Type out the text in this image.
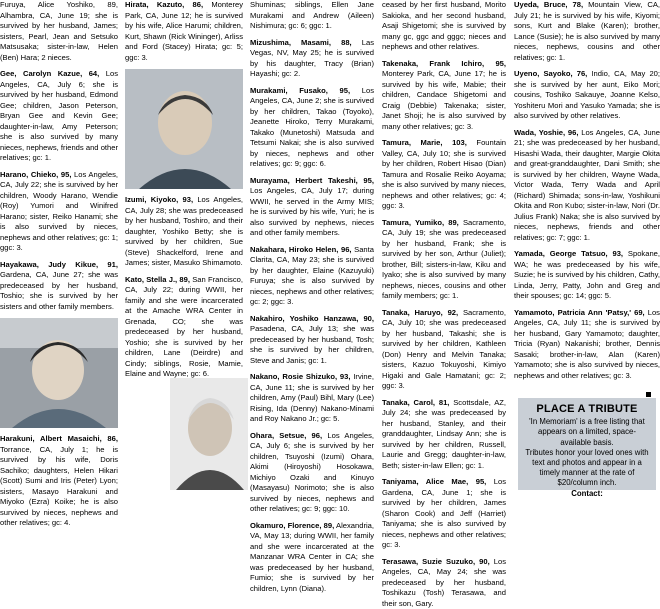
Furuya, Alice Yoshiko, 89, Alhambra, CA, June 19; she is survived by her husband, James; sisters, Pearl, Jean and Setsuko Matsusaka; sister-in-law, Helen (Ben) Hara; 2 nieces.

Gee, Carolyn Kazue, 64, Los Angeles, CA, July 6; she is survived by her husband, Edmond Gee; children, Jason Peterson, Bryan Gee and Kevin Gee; daughter-in-law, Amy Peterson; she is also survived by many nieces, nephews, friends and other relatives; gc: 1.

Harano, Chieko, 95, Los Angeles, CA, July 22; she is survived by her children, Woody Harano, Wendie (Roy) Yumori and Winifred Harano; sister, Reiko Hanami; she is also survived by nieces, nephews and other relatives; gc: 1; ggc: 3.

Hayakawa, Judy Kikue, 91, Gardena, CA, June 27; she was predeceased by her husband, Toshio; she is survived by her sisters and other family members.

Harakuni, Albert Masaichi, 86, Torrance, CA, July 1; he is survived by his wife, Doris Sachiko; daughters, Helen Hikari (Scott) Sumi and Iris (Peter) Lyon; sisters, Masayo Harakuni and Miyoko (Ezra) Koike; he is also survived by nieces, nephews and other relatives; gc: 4.

Hirata, Kazuto, 86, Monterey Park, CA, June 12; he is survived by his wife, Alice Harumi; children, Kurt, Shawn (Rick Wininger), Arliss and Ford (Stacey) Hirata; gc: 5; ggc: 3.

Izumi, Kiyoko, 93, Los Angeles, CA, July 28; she was predeceased by her husband, Toshiro, and their daughter, Yoshiko Betty; she is survived by her children, Sue (Steve) Shackelford, Irene and James; sister, Masuko Shimamoto.

Kato, Stella J., 89, San Francisco, CA, July 22; during WWII, her family and she were incarcerated at the Amache WRA Center in Grenada, CO; she was predeceased by her husband, Yoshio; she is survived by her children, Lane (Deirdre) and Cindy; siblings, Rosie, Mamie, Elaine and Wayne; gc: 6.

Shuminas; siblings, Ellen Jane Murakami and Andrew (Aileen) Nishimura; gc: 6; ggc: 1.

Mizushima, Masami, 88, Las Vegas, NV, May 25; he is survived by his daughter, Tracy (Brian) Hayashi; gc: 2.

Murakami, Fusako, 95, Los Angeles, CA, June 2; she is survived by her children, Takao (Toyoko), Jeanette Hiroko, Terry Murakami, Takako (Munetoshi) Matsuda and Tetsumi Nakai; she is also survived by nieces, nephews and other relatives; gc: 9; ggc: 6.

Murayama, Herbert Takeshi, 95, Los Angeles, CA, July 17; during WWII, he served in the Army MIS; he is survived by his wife, Yuri; he is also survived by nephews, nieces and other family members.

Nakahara, Hiroko Helen, 96, Santa Clarita, CA, May 23; she is survived by her daughter, Elaine (Kazuyuki) Furuya; she is also survived by nieces, nephews and other relatives; gc: 2; ggc: 3.

Nakahiro, Yoshiko Hanzawa, 90, Pasadena, CA, July 13; she was predeceased by her husband, Tosh; she is survived by her children, Steve and Janis; gc: 1.

Nakano, Rosie Shizuko, 93, Irvine, CA, June 11; she is survived by her children, Amy (Paul) Bihl, Mary (Lee) Rising, Ida (Denny) Nakano-Minami and Roy Nakano Jr.; gc: 5.

Ohara, Setsue, 96, Los Angeles, CA, July 6; she is survived by her children, Tsuyoshi (Izumi) Ohara, Akimi (Hiroyoshi) Hosokawa, Michiyo Ozaki and Kinuyo (Masayasu) Norimoto; she is also survived by nieces, nephews and other relatives; gc: 9; ggc: 10.

Okamuro, Florence, 89, Alexandria, VA, May 13; during WWII, her family and she were incarcerated at the Manzanar WRA Center in CA; she was predeceased by her husband, Fumio; she is survived by her children, Lynn (Diana).

ceased by her first husband, Morito Sakioka, and her second husband, Asaji Shigetomi; she is survived by many gc, ggc and gggc; nieces and nephews and other relatives.

Takenaka, Frank Ichiro, 95, Monterey Park, CA, June 17; he is survived by his wife, Mabie; their children, Candace Shigetomi and Craig (Debbie) Takenaka; sister, Janet Shoji; he is also survived by many other relatives; gc: 3.

Tamura, Marie, 103, Fountain Valley, CA, July 10; she is survived by her children, Robert Hisao (Dian) Tamura and Rosalie Reiko Aoyama; she is also survived by many nieces, nephews and other relatives; gc: 4; ggc: 3.

Tamura, Yumiko, 89, Sacramento, CA, July 19; she was predeceased by her husband, Frank; she is survived by her son, Arthur (Juliet); brother, Bill; sisters-in-law, Kiku and Iyako; she is also survived by many nephews, nieces, cousins and other family members; gc: 1.

Tanaka, Haruyo, 92, Sacramento, CA, July 10; she was predeceased by her husband, Takashi; she is survived by her children, Kathleen (Don) Henry and Melvin Tanaka; sisters, Kazuo Tokuyoshi, Kimiyo Higaki and Gale Hamatani; gc: 2; ggc: 3.

Tanaka, Carol, 81, Scottsdale, AZ, July 24; she was predeceased by her husband, Stanley, and their granddaughter, Lindsay Ann; she is survived by her children, Russell, Laurie and Gregg; daughter-in-law, Beth; sister-in-law Ellen; gc: 1.

Taniyama, Alice Mae, 95, Los Gardena, CA, June 1; she is survived by her children, James (Sharon Cook) and Jeff (Harriet) Taniyama; she is also survived by nieces, nephews and other relatives; gc: 3.

Terasawa, Suzie Suzuko, 90, Los Angeles, CA, May 24; she was predeceased by her husband, Toshikazu (Tosh) Terasawa, and their son, Gary.

Uyeda, Bruce, 78, Mountain View, CA, July 21; he is survived by his wife, Kiyomi; sons, Kurt and Blake (Karen); brother, Lance (Susie); he is also survived by many nieces, nephews, cousins and other relatives; gc: 1.

Uyeno, Sayoko, 76, Indio, CA, May 20; she is survived by her aunt, Eiko Mori; cousins, Toshiko Sakauye, Joanne Kelso, Yoshiteru Mori and Yasuko Yamada; she is also survived by other relatives.

Wada, Yoshie, 96, Los Angeles, CA, June 21; she was predeceased by her husband, Hisashi Wada, their daughter, Margie Okita and great-granddaughter, Dani Smith; she is survived by her children, Wayne Wada, Victor Wada, Terry Wada and April (Richard) Shimada; sons-in-law, Yoshikuni Okita and Ron Kubo; sister-in-law, Nori (Dr. Julius Frank) Naka; she is also survived by nieces, nephews, friends and other relatives; gc: 7; ggc: 1.

Yamada, George Tatsuo, 93, Spokane, WA; he was predeceased by his wife, Suzie; he is survived by his children, Cathy, Linda, Jerry, Patty, John and Greg and their spouses; gc: 14; ggc: 5.

Yamamoto, Patricia Ann 'Patsy,' 69, Los Angeles, CA, July 11; she is survived by her husband, Gary Yamamoto; daughter, Tricia (Ryan) Nakanishi; brother, Dennis Sasaki; brother-in-law, Alan (Karen) Yamamoto; she is also survived by nieces, nephews and other relatives; gc: 3.

PLACE A TRIBUTE
'In Memoriam' is a free listing that appears on a limited, space-available basis.
Tributes honor your loved ones with text and photos and appear in a timely manner at the rate of $20/column inch.
Contact:
